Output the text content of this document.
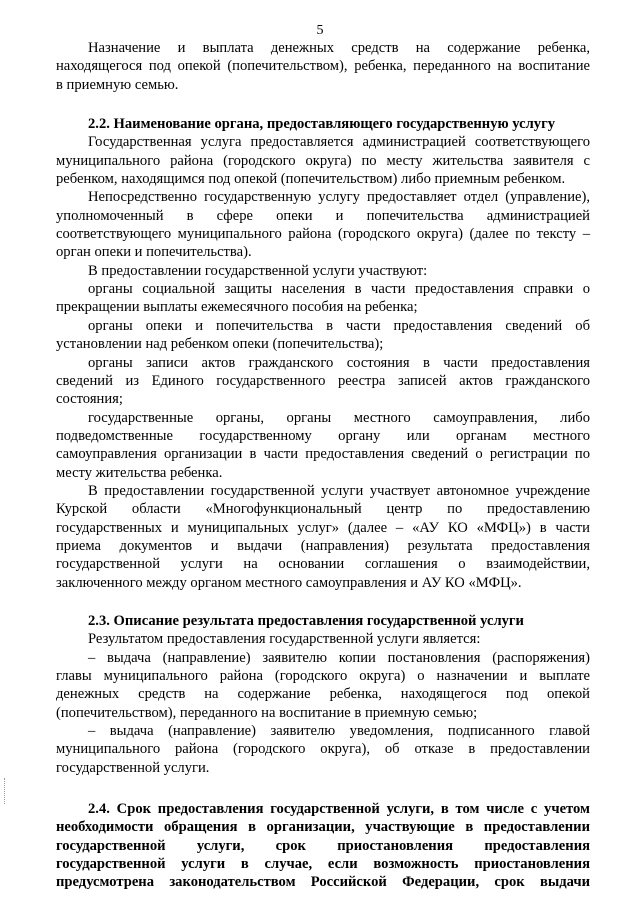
5

Назначение и выплата денежных средств на содержание ребенка,
находящегося под опекой (попечительством), ребенка, переданного на воспитание
в приемную семью.

2.2. Наименование органа, предоставляющего государственную услугу

Государственная услуга предоставляется администрацией соответствующего
муниципального района (городского округа) по месту жительства заявителя с
ребенком, находящимся под опекой (попечительством) либо приемным ребенком.

Непосредственно государственную услугу предоставляет отдел (управление),
уполномоченный в сфере опеки и попечительства администрацией
соответствующего муниципального района (городского округа) (далее по тексту –
орган опеки и попечительства).

В предоставлении государственной услуги участвуют:

органы социальной защиты населения в части предоставления справки о
прекращении выплаты ежемесячного пособия на ребенка;

органы опеки и попечительства в части предоставления сведений об
установлении над ребенком опеки (попечительства);

органы записи актов гражданского состояния в части предоставления
сведений из Единого государственного реестра записей актов гражданского
состояния;

государственные органы, органы местного самоуправления, либо
подведомственные государственному органу или органам местного
самоуправления организации в части предоставления сведений о регистрации по
месту жительства ребенка.

В предоставлении государственной услуги участвует автономное учреждение
Курской области «Многофункциональный центр по предоставлению
государственных и муниципальных услуг» (далее – «АУ КО «МФЦ») в части
приема документов и выдачи (направления) результата предоставления
государственной услуги на основании соглашения о взаимодействии,
заключенного между органом местного самоуправления и АУ КО «МФЦ».

2.3. Описание результата предоставления государственной услуги

Результатом предоставления государственной услуги является:

– выдача (направление) заявителю копии постановления (распоряжения)
главы муниципального района (городского округа) о назначении и выплате
денежных средств на содержание ребенка, находящегося под опекой
(попечительством), переданного на воспитание в приемную семью;

– выдача (направление) заявителю уведомления, подписанного главой
муниципального района (городского округа), об отказе в предоставлении
государственной услуги.

2.4. Срок предоставления государственной услуги, в том числе с учетом
необходимости обращения в организации, участвующие в предоставлении
государственной услуги, срок приостановления предоставления
государственной услуги в случае, если возможность приостановления
предусмотрена законодательством Российской Федерации, срок выдачи
